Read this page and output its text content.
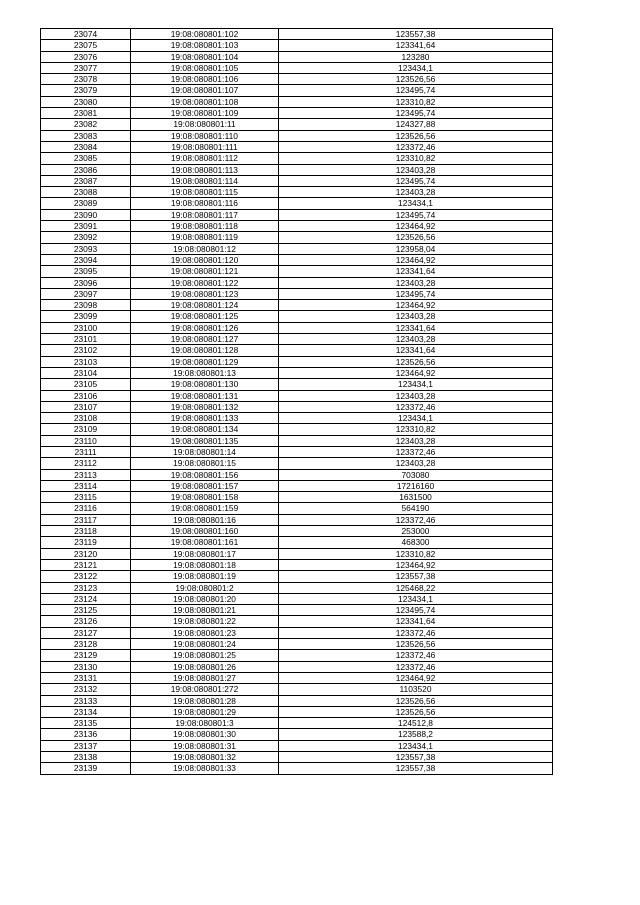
23074	19:08:080801:102	123557,38
23075	19:08:080801:103	123341,64
23076	19:08:080801:104	123280
23077	19:08:080801:105	123434,1
23078	19:08:080801:106	123526,56
23079	19:08:080801:107	123495,74
23080	19:08:080801:108	123310,82
23081	19:08:080801:109	123495,74
23082	19:08:080801:11	124327,88
23083	19:08:080801:110	123526,56
23084	19:08:080801:111	123372,46
23085	19:08:080801:112	123310,82
23086	19:08:080801:113	123403,28
23087	19:08:080801:114	123495,74
23088	19:08:080801:115	123403,28
23089	19:08:080801:116	123434,1
23090	19:08:080801:117	123495,74
23091	19:08:080801:118	123464,92
23092	19:08:080801:119	123526,56
23093	19:08:080801:12	123958,04
23094	19:08:080801:120	123464,92
23095	19:08:080801:121	123341,64
23096	19:08:080801:122	123403,28
23097	19:08:080801:123	123495,74
23098	19:08:080801:124	123464,92
23099	19:08:080801:125	123403,28
23100	19:08:080801:126	123341,64
23101	19:08:080801:127	123403,28
23102	19:08:080801:128	123341,64
23103	19:08:080801:129	123526,56
23104	19:08:080801:13	123464,92
23105	19:08:080801:130	123434,1
23106	19:08:080801:131	123403,28
23107	19:08:080801:132	123372,46
23108	19:08:080801:133	123434,1
23109	19:08:080801:134	123310,82
23110	19:08:080801:135	123403,28
23111	19:08:080801:14	123372,46
23112	19:08:080801:15	123403,28
23113	19:08:080801:156	703080
23114	19:08:080801:157	17216160
23115	19:08:080801:158	1631500
23116	19:08:080801:159	564190
23117	19:08:080801:16	123372,46
23118	19:08:080801:160	253000
23119	19:08:080801:161	468300
23120	19:08:080801:17	123310,82
23121	19:08:080801:18	123464,92
23122	19:08:080801:19	123557,38
23123	19:08:080801:2	125468,22
23124	19:08:080801:20	123434,1
23125	19:08:080801:21	123495,74
23126	19:08:080801:22	123341,64
23127	19:08:080801:23	123372,46
23128	19:08:080801:24	123526,56
23129	19:08:080801:25	123372,46
23130	19:08:080801:26	123372,46
23131	19:08:080801:27	123464,92
23132	19:08:080801:272	1103520
23133	19:08:080801:28	123526,56
23134	19:08:080801:29	123526,56
23135	19:08:080801:3	124512,8
23136	19:08:080801:30	123588,2
23137	19:08:080801:31	123434,1
23138	19:08:080801:32	123557,38
23139	19:08:080801:33	123557,38
